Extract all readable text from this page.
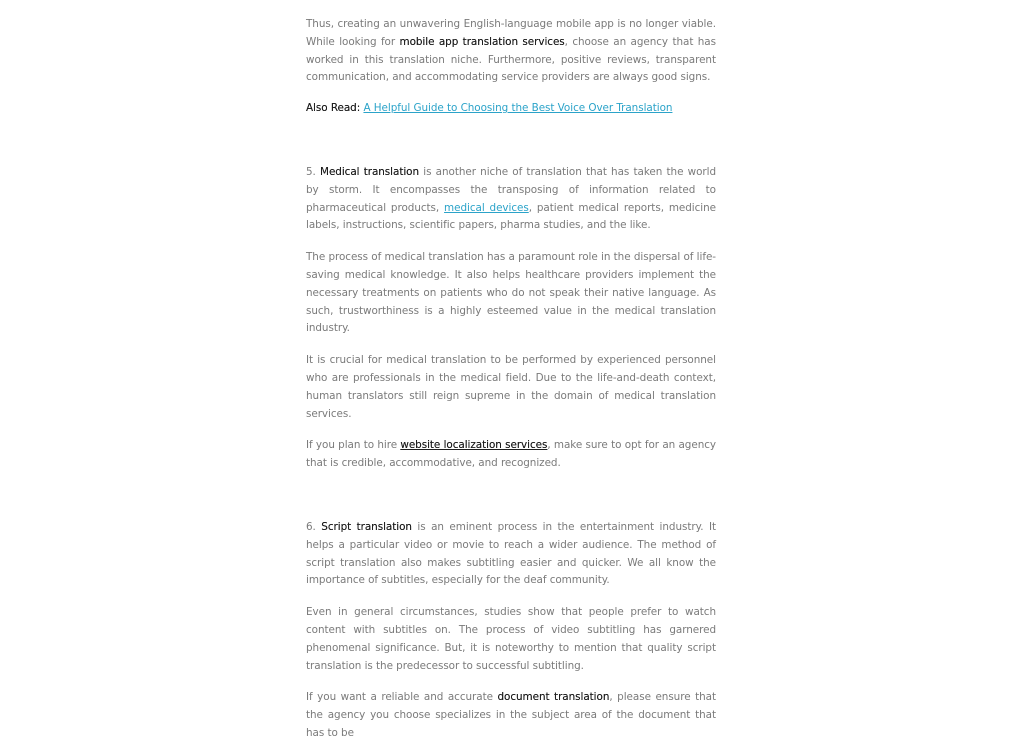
Thus, creating an unwavering English-language mobile app is no longer viable. While looking for mobile app translation services, choose an agency that has worked in this translation niche. Furthermore, positive reviews, transparent communication, and accommodating service providers are always good signs.

Also Read: A Helpful Guide to Choosing the Best Voice Over Translation

5. Medical translation is another niche of translation that has taken the world by storm. It encompasses the transposing of information related to pharmaceutical products, medical devices, patient medical reports, medicine labels, instructions, scientific papers, pharma studies, and the like.

The process of medical translation has a paramount role in the dispersal of life-saving medical knowledge. It also helps healthcare providers implement the necessary treatments on patients who do not speak their native language. As such, trustworthiness is a highly esteemed value in the medical translation industry.

It is crucial for medical translation to be performed by experienced personnel who are professionals in the medical field. Due to the life-and-death context, human translators still reign supreme in the domain of medical translation services.

If you plan to hire website localization services, make sure to opt for an agency that is credible, accommodative, and recognized.

6. Script translation is an eminent process in the entertainment industry. It helps a particular video or movie to reach a wider audience. The method of script translation also makes subtitling easier and quicker. We all know the importance of subtitles, especially for the deaf community.

Even in general circumstances, studies show that people prefer to watch content with subtitles on. The process of video subtitling has garnered phenomenal significance. But, it is noteworthy to mention that quality script translation is the predecessor to successful subtitling.

If you want a reliable and accurate document translation, please ensure that the agency you choose specializes in the subject area of the document that has to be
